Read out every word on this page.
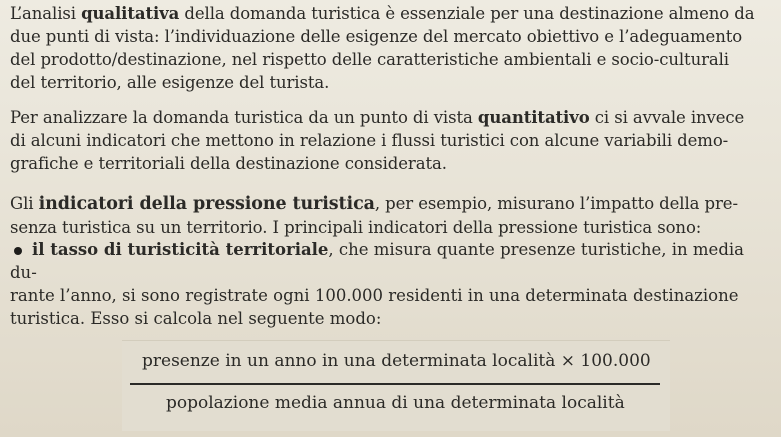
L’analisi qualitativa della domanda turistica è essenziale per una destinazione almeno da
due punti di vista: l’individuazione delle esigenze del mercato obiettivo e l’adeguamento
del prodotto/destinazione, nel rispetto delle caratteristiche ambientali e socio-culturali
del territorio, alle esigenze del turista.

Per analizzare la domanda turistica da un punto di vista quantitativo ci si avvale invece
di alcuni indicatori che mettono in relazione i flussi turistici con alcune variabili demo-
grafiche e territoriali della destinazione considerata.

Gli indicatori della pressione turistica, per esempio, misurano l’impatto della pre-
senza turistica su un territorio. I principali indicatori della pressione turistica sono:

il tasso di turisticità territoriale, che misura quante presenze turistiche, in media du-
rante l’anno, si sono registrate ogni 100.000 residenti in una determinata destinazione
turistica. Esso si calcola nel seguente modo:
presenze in un anno in una determinata località × 100.000
popolazione media annua di una determinata località
